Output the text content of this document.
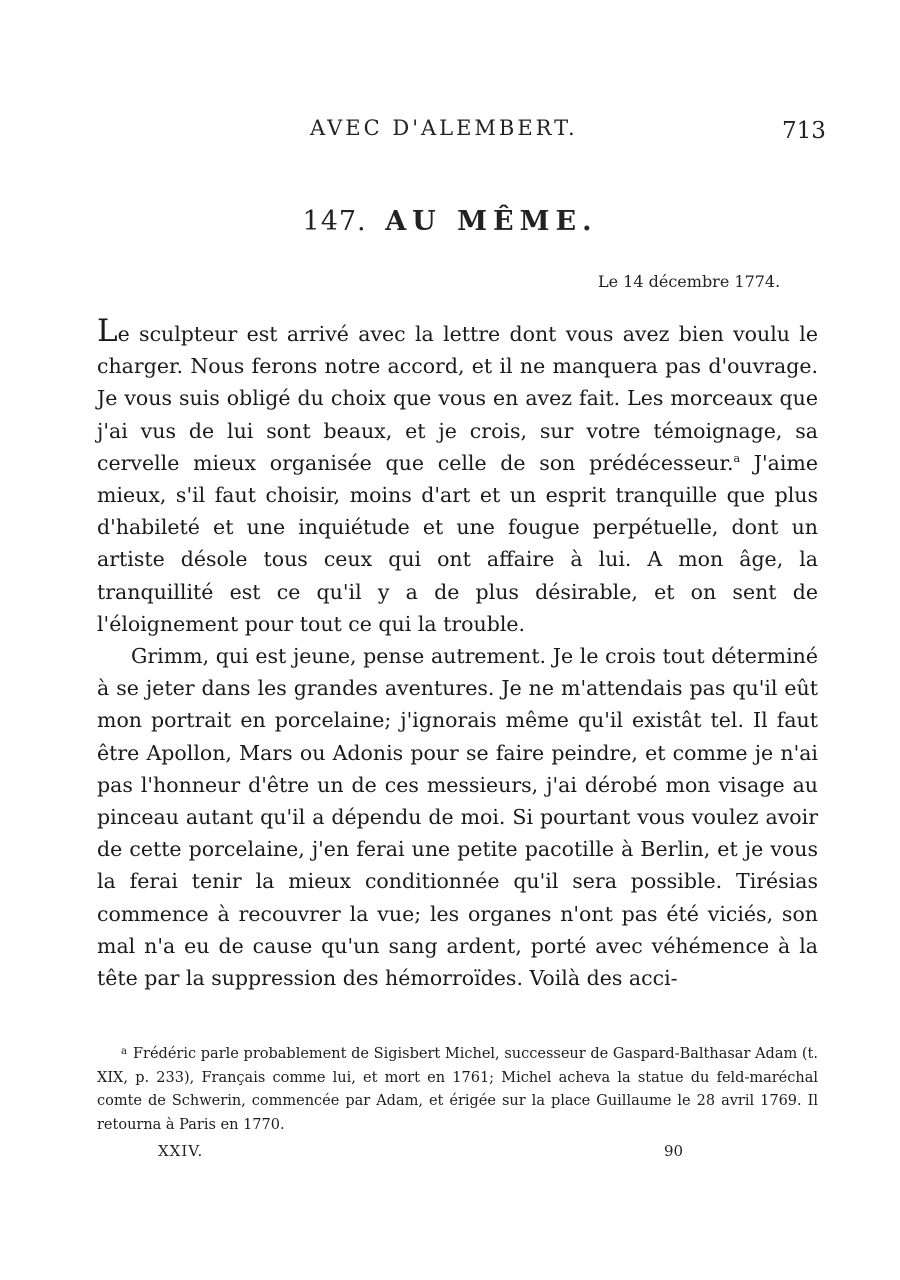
AVEC D'ALEMBERT.	713
147. AU MÊME.
Le 14 décembre 1774.

Le sculpteur est arrivé avec la lettre dont vous avez bien voulu le charger. Nous ferons notre accord, et il ne manquera pas d'ouvrage. Je vous suis obligé du choix que vous en avez fait. Les morceaux que j'ai vus de lui sont beaux, et je crois, sur votre témoignage, sa cervelle mieux organisée que celle de son prédécesseur.$^a$ J'aime mieux, s'il faut choisir, moins d'art et un esprit tranquille que plus d'habileté et une inquiétude et une fougue perpétuelle, dont un artiste désole tous ceux qui ont affaire à lui. A mon âge, la tranquillité est ce qu'il y a de plus désirable, et on sent de l'éloignement pour tout ce qui la trouble.

Grimm, qui est jeune, pense autrement. Je le crois tout déterminé à se jeter dans les grandes aventures. Je ne m'attendais pas qu'il eût mon portrait en porcelaine; j'ignorais même qu'il existât tel. Il faut être Apollon, Mars ou Adonis pour se faire peindre, et comme je n'ai pas l'honneur d'être un de ces messieurs, j'ai dérobé mon visage au pinceau autant qu'il a dépendu de moi. Si pourtant vous voulez avoir de cette porcelaine, j'en ferai une petite pacotille à Berlin, et je vous la ferai tenir la mieux conditionnée qu'il sera possible. Tirésias commence à recouvrer la vue; les organes n'ont pas été viciés, son mal n'a eu de cause qu'un sang ardent, porté avec véhémence à la tête par la suppression des hémorroïdes. Voilà des acci-

$^a$ Frédéric parle probablement de Sigisbert Michel, successeur de Gaspard-Balthasar Adam (t. XIX, p. 233), Français comme lui, et mort en 1761; Michel acheva la statue du feld-maréchal comte de Schwerin, commencée par Adam, et érigée sur la place Guillaume le 28 avril 1769. Il retourna à Paris en 1770.

XXIV.	90
